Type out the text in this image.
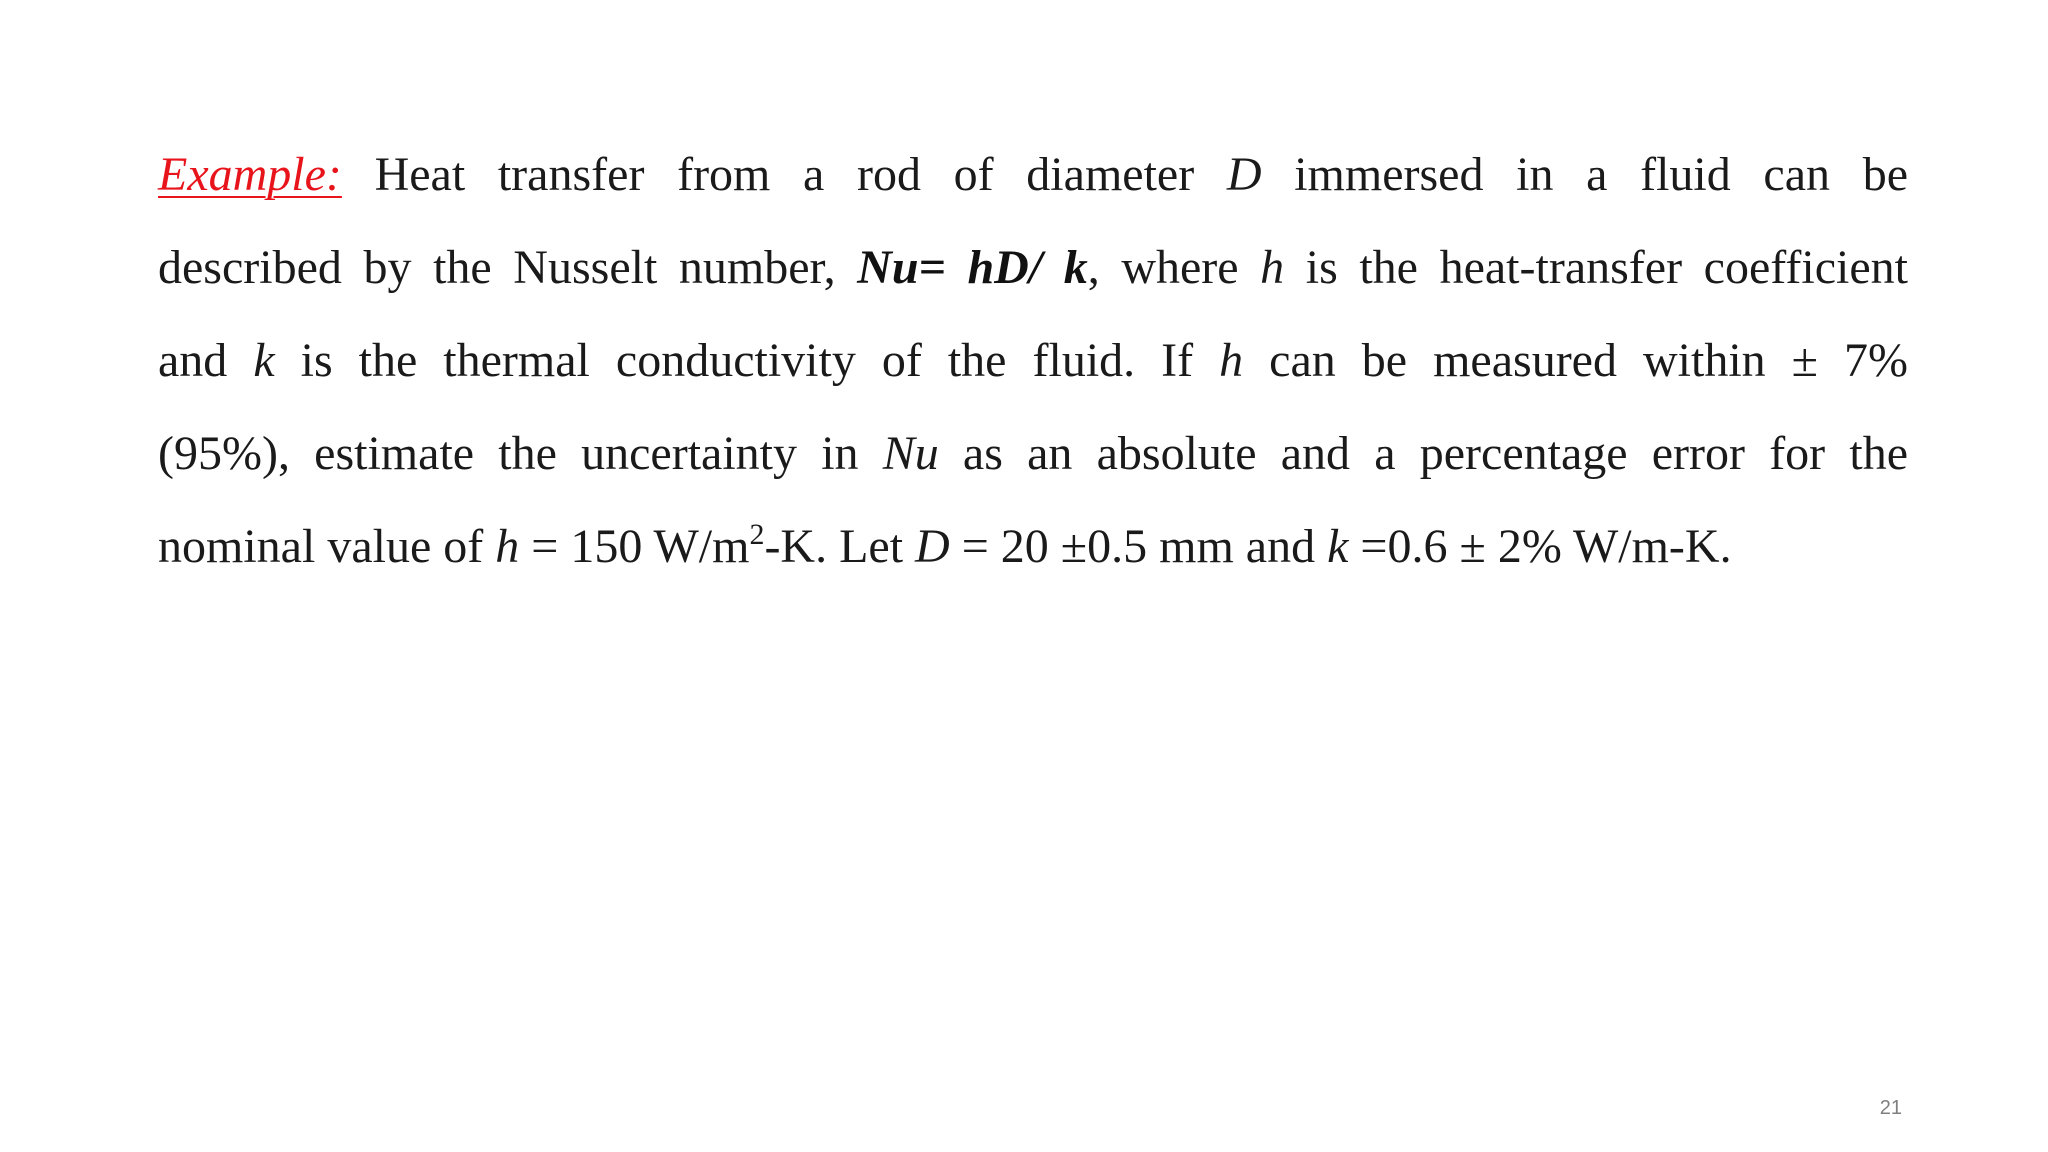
Example: Heat transfer from a rod of diameter D immersed in a fluid can be
described by the Nusselt number, Nu= hD/ k, where h is the heat-transfer coefficient
and k is the thermal conductivity of the fluid. If h can be measured within ± 7%
(95%), estimate the uncertainty in Nu as an absolute and a percentage error for the
nominal value of h = 150 $W/m^2-K$. Let D = 20 ±0.5 mm and k =0.6 ± 2% W/m-K.
21
